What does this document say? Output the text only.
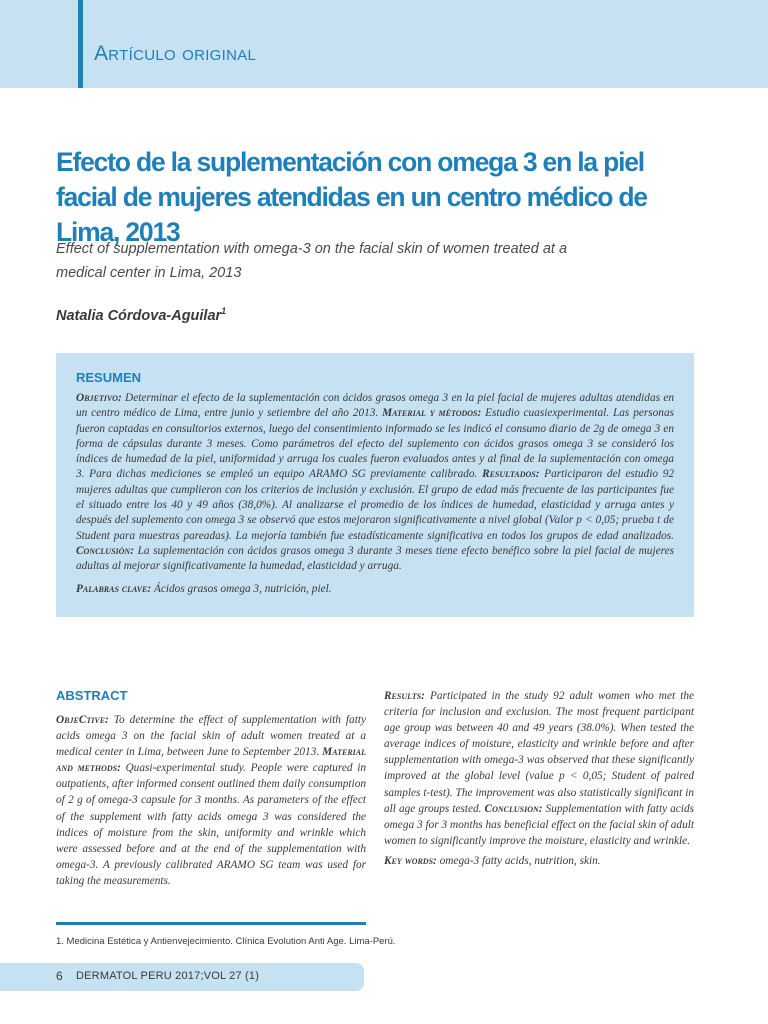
Artículo original
Efecto de la suplementación con omega 3 en la piel facial de mujeres atendidas en un centro médico de Lima, 2013
Effect of supplementation with omega-3 on the facial skin of women treated at a medical center in Lima, 2013
Natalia Córdova-Aguilar$^1$
RESUMEN

Objetivo: Determinar el efecto de la suplementación con ácidos grasos omega 3 en la piel facial de mujeres adultas atendidas en un centro médico de Lima, entre junio y setiembre del año 2013. Material y métodos: Estudio cuasiexperimental. Las personas fueron captadas en consultorios externos, luego del consentimiento informado se les indicó el consumo diario de 2g de omega 3 en forma de cápsulas durante 3 meses. Como parámetros del efecto del suplemento con ácidos grasos omega 3 se consideró los índices de humedad de la piel, uniformidad y arruga los cuales fueron evaluados antes y al final de la suplementación con omega 3. Para dichas mediciones se empleó un equipo ARAMO SG previamente calibrado. Resultados: Participaron del estudio 92 mujeres adultas que cumplieron con los criterios de inclusión y exclusión. El grupo de edad más frecuente de las participantes fue el situado entre los 40 y 49 años (38,0%). Al analizarse el promedio de los índices de humedad, elasticidad y arruga antes y después del suplemento con omega 3 se observó que estos mejoraron significativamente a nivel global (Valor p < 0,05; prueba t de Student para muestras pareadas). La mejoría también fue estadísticamente significativa en todos los grupos de edad analizados. Conclusión: La suplementación con ácidos grasos omega 3 durante 3 meses tiene efecto benéfico sobre la piel facial de mujeres adultas al mejorar significativamente la humedad, elasticidad y arruga.

Palabras clave: Ácidos grasos omega 3, nutrición, piel.

ABSTRACT

ObjeCtive: To determine the effect of supplementation with fatty acids omega 3 on the facial skin of adult women treated at a medical center in Lima, between June to September 2013. Material and methods: Quasi-experimental study. People were captured in outpatients, after informed consent outlined them daily consumption of 2 g of omega-3 capsule for 3 months. As parameters of the effect of the supplement with fatty acids omega 3 was considered the indices of moisture from the skin, uniformity and wrinkle which were assessed before and at the end of the supplementation with omega-3. A previously calibrated ARAMO SG team was used for taking the measurements.

Results: Participated in the study 92 adult women who met the criteria for inclusion and exclusion. The most frequent participant age group was between 40 and 49 years (38.0%). When tested the average indices of moisture, elasticity and wrinkle before and after supplementation with omega-3 was observed that these significantly improved at the global level (value p < 0,05; Student of paired samples t-test). The improvement was also statistically significant in all age groups tested. Conclusion: Supplementation with fatty acids omega 3 for 3 months has beneficial effect on the facial skin of adult women to significantly improve the moisture, elasticity and wrinkle.

Key words: omega-3 fatty acids, nutrition, skin.

1. Medicina Estética y Antienvejecimiento. Clínica Evolution Anti Age. Lima-Perú.
6 DERMATOL PERU 2017;VOL 27 (1)
